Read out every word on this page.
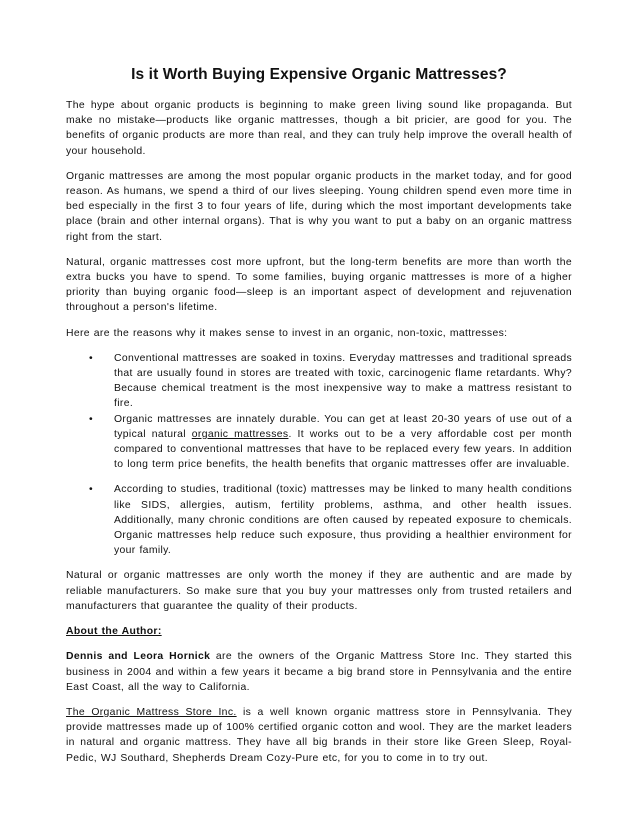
Is it Worth Buying Expensive Organic Mattresses?

The hype about organic products is beginning to make green living sound like propaganda. But make no mistake—products like organic mattresses, though a bit pricier, are good for you. The benefits of organic products are more than real, and they can truly help improve the overall health of your household.

Organic mattresses are among the most popular organic products in the market today, and for good reason. As humans, we spend a third of our lives sleeping. Young children spend even more time in bed especially in the first 3 to four years of life, during which the most important developments take place (brain and other internal organs). That is why you want to put a baby on an organic mattress right from the start.

Natural, organic mattresses cost more upfront, but the long-term benefits are more than worth the extra bucks you have to spend. To some families, buying organic mattresses is more of a higher priority than buying organic food—sleep is an important aspect of development and rejuvenation throughout a person's lifetime.

Here are the reasons why it makes sense to invest in an organic, non-toxic, mattresses:

• Conventional mattresses are soaked in toxins. Everyday mattresses and traditional spreads that are usually found in stores are treated with toxic, carcinogenic flame retardants. Why? Because chemical treatment is the most inexpensive way to make a mattress resistant to fire.
• Organic mattresses are innately durable. You can get at least 20-30 years of use out of a typical natural organic mattresses. It works out to be a very affordable cost per month compared to conventional mattresses that have to be replaced every few years. In addition to long term price benefits, the health benefits that organic mattresses offer are invaluable.
• According to studies, traditional (toxic) mattresses may be linked to many health conditions like SIDS, allergies, autism, fertility problems, asthma, and other health issues. Additionally, many chronic conditions are often caused by repeated exposure to chemicals. Organic mattresses help reduce such exposure, thus providing a healthier environment for your family.

Natural or organic mattresses are only worth the money if they are authentic and are made by reliable manufacturers. So make sure that you buy your mattresses only from trusted retailers and manufacturers that guarantee the quality of their products.

About the Author:

Dennis and Leora Hornick are the owners of the Organic Mattress Store Inc. They started this business in 2004 and within a few years it became a big brand store in Pennsylvania and the entire East Coast, all the way to California.

The Organic Mattress Store Inc. is a well known organic mattress store in Pennsylvania. They provide mattresses made up of 100% certified organic cotton and wool. They are the market leaders in natural and organic mattress. They have all big brands in their store like Green Sleep, Royal-Pedic, WJ Southard, Shepherds Dream Cozy-Pure etc, for you to come in to try out.
